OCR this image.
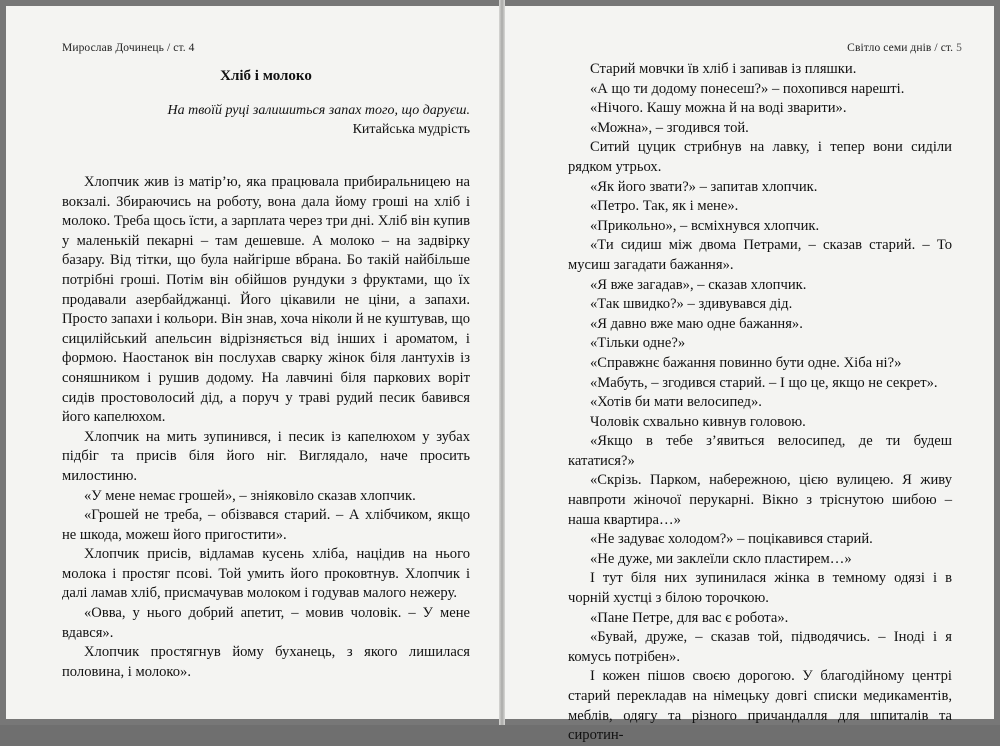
Мирослав Дочинець / ст. 4
Хліб і молоко
На твоїй руці залишиться запах того, що даруєш.
Китайська мудрість

Хлопчик жив із матір’ю, яка працювала прибиральницею на вокзалі. Збираючись на роботу, вона дала йому гроші на хліб і молоко. Треба щось їсти, а зарплата через три дні. Хліб він купив у маленькій пекарні – там дешевше. А молоко – на задвірку базару. Від тітки, що була найгірше вбрана. Бо такій найбільше потрібні гроші. Потім він обійшов рундуки з фруктами, що їх продавали азербайджанці. Його цікавили не ціни, а запахи. Просто запахи і кольори. Він знав, хоча ніколи й не куштував, що сицилійський апельсин відрізняється від інших і ароматом, і формою. Наостанок він послухав сварку жінок біля лантухів із соняшником і рушив додому. На лавчині біля паркових воріт сидів простоволосий дід, а поруч у траві рудий песик бавився його капелюхом.

Хлопчик на мить зупинився, і песик із капелюхом у зубах підбіг та присів біля його ніг. Виглядало, наче просить милостиню.

«У мене немає грошей», – зніяковіло сказав хлопчик.

«Грошей не треба, – обізвався старий. – А хлібчиком, якщо не шкода, можеш його пригостити».

Хлопчик присів, відламав кусень хліба, націдив на нього молока і простяг псові. Той умить його проковтнув. Хлопчик і далі ламав хліб, присмачував молоком і годував малого нежеру.

«Овва, у нього добрий апетит, – мовив чоловік. – У мене вдався».

Хлопчик простягнув йому буханець, з якого лишилася половина, і молоко».

Світло семи днів / ст. 5

Старий мовчки їв хліб і запивав із пляшки.

«А що ти додому понесеш?» – похопився нарешті.

«Нічого. Кашу можна й на воді зварити».

«Можна», – згодився той.

Ситий цуцик стрибнув на лавку, і тепер вони сиділи рядком утрьох.

«Як його звати?» – запитав хлопчик.

«Петро. Так, як і мене».

«Прикольно», – всміхнувся хлопчик.

«Ти сидиш між двома Петрами, – сказав старий. – То мусиш загадати бажання».

«Я вже загадав», – сказав хлопчик.

«Так швидко?» – здивувався дід.

«Я давно вже маю одне бажання».

«Тільки одне?»

«Справжнє бажання повинно бути одне. Хіба ні?»

«Мабуть, – згодився старий. – І що це, якщо не секрет».

«Хотів би мати велосипед».

Чоловік схвально кивнув головою.

«Якщо в тебе з’явиться велосипед, де ти будеш кататися?»

«Скрізь. Парком, набережною, цією вулицею. Я живу навпроти жіночої перукарні. Вікно з тріснутою шибою – наша квартира…»

«Не задуває холодом?» – поцікавився старий.

«Не дуже, ми заклеїли скло пластирем…»

І тут біля них зупинилася жінка в темному одязі і в чорній хустці з білою торочкою.

«Пане Петре, для вас є робота».

«Бувай, друже, – сказав той, підводячись. – Іноді і я комусь потрібен».

І кожен пішов своєю дорогою. У благодійному центрі старий перекладав на німецьку довгі списки медикаментів, меблів, одягу та різного причандалля для шпиталів та сиротин-
